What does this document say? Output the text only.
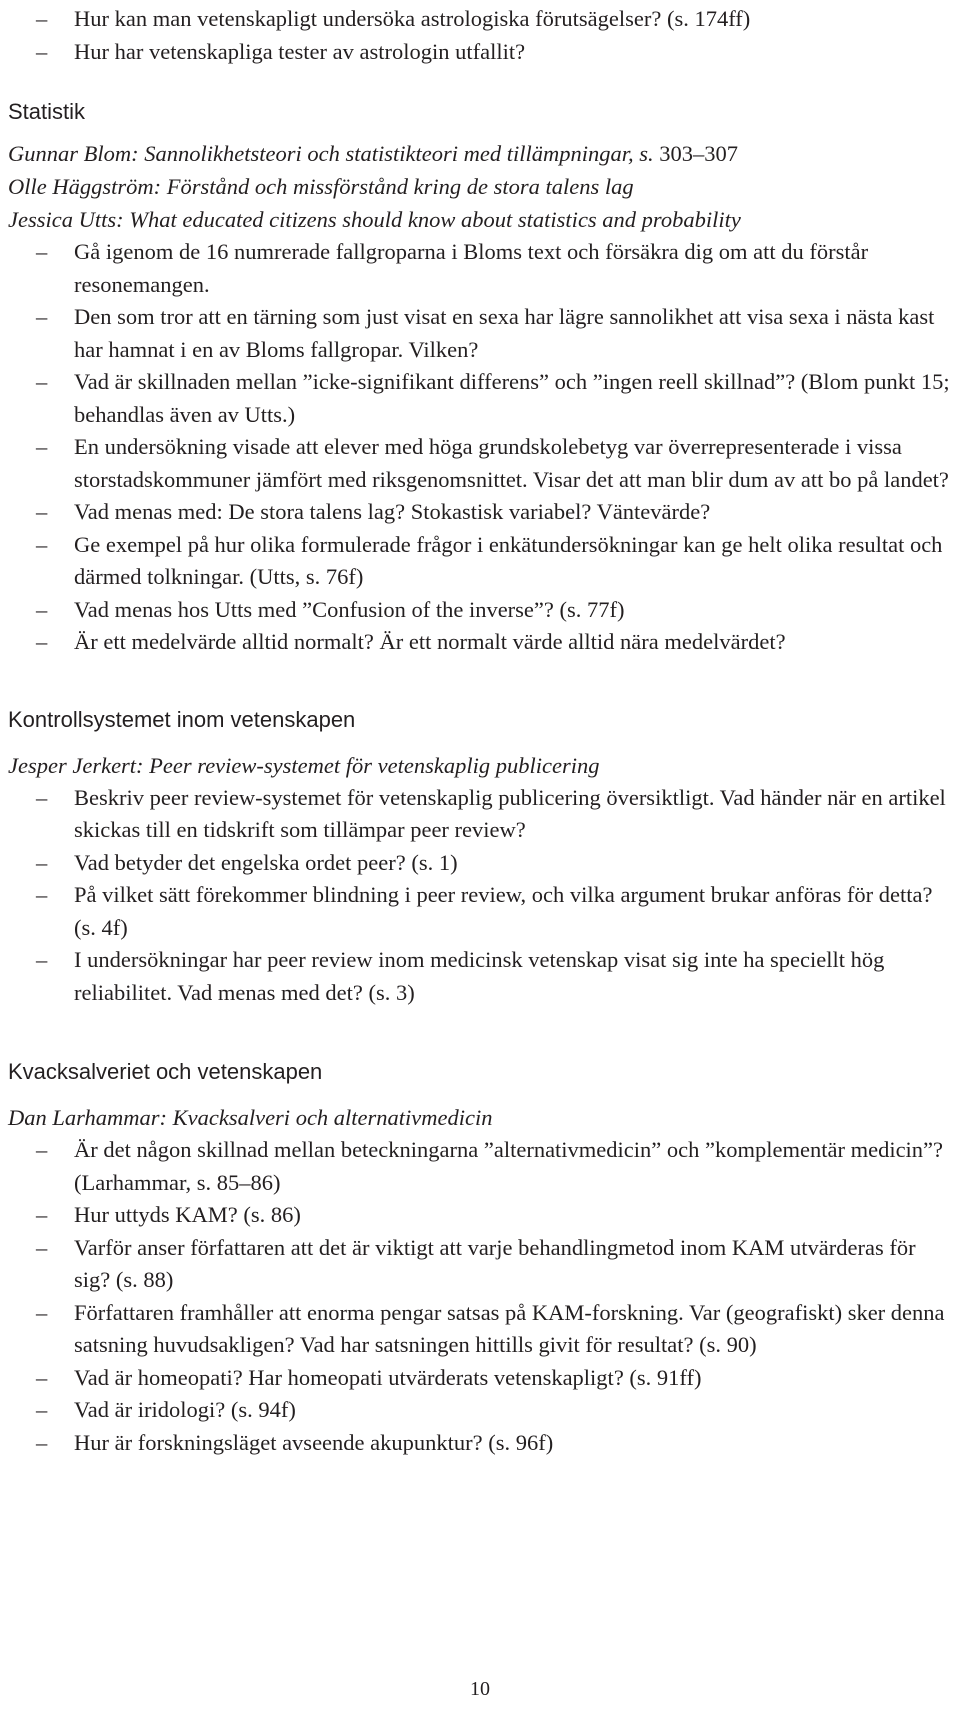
– Hur kan man vetenskapligt undersöka astrologiska förutsägelser? (s. 174ff)
– Hur har vetenskapliga tester av astrologin utfallit?
Statistik
Gunnar Blom: Sannolikhetsteori och statistikteori med tillämpningar, s. 303–307
Olle Häggström: Förstånd och missförstånd kring de stora talens lag
Jessica Utts: What educated citizens should know about statistics and probability
– Gå igenom de 16 numrerade fallgroparna i Bloms text och försäkra dig om att du förstår resonemangen.
– Den som tror att en tärning som just visat en sexa har lägre sannolikhet att visa sexa i nästa kast har hamnat i en av Bloms fallgropar. Vilken?
– Vad är skillnaden mellan ”icke-signifikant differens” och ”ingen reell skillnad”? (Blom punkt 15; behandlas även av Utts.)
– En undersökning visade att elever med höga grundskolebetyg var överrepresenterade i vissa storstadskommuner jämfört med riksgenomsnittet. Visar det att man blir dum av att bo på landet?
– Vad menas med: De stora talens lag? Stokastisk variabel? Väntevärde?
– Ge exempel på hur olika formulerade frågor i enkätundersökningar kan ge helt olika resultat och därmed tolkningar. (Utts, s. 76f)
– Vad menas hos Utts med ”Confusion of the inverse”? (s. 77f)
– Är ett medelvärde alltid normalt? Är ett normalt värde alltid nära medelvärdet?
Kontrollsystemet inom vetenskapen
Jesper Jerkert: Peer review-systemet för vetenskaplig publicering
– Beskriv peer review-systemet för vetenskaplig publicering översiktligt. Vad händer när en artikel skickas till en tidskrift som tillämpar peer review?
– Vad betyder det engelska ordet peer? (s. 1)
– På vilket sätt förekommer blindning i peer review, och vilka argument brukar anföras för detta? (s. 4f)
– I undersökningar har peer review inom medicinsk vetenskap visat sig inte ha speciellt hög reliabilitet. Vad menas med det? (s. 3)
Kvacksalveriet och vetenskapen
Dan Larhammar: Kvacksalveri och alternativmedicin
– Är det någon skillnad mellan beteckningarna ”alternativmedicin” och ”komplementär medicin”? (Larhammar, s. 85–86)
– Hur uttyds KAM? (s. 86)
– Varför anser författaren att det är viktigt att varje behandlingmetod inom KAM utvärderas för sig? (s. 88)
– Författaren framhåller att enorma pengar satsas på KAM-forskning. Var (geografiskt) sker denna satsning huvudsakligen? Vad har satsningen hittills givit för resultat? (s. 90)
– Vad är homeopati? Har homeopati utvärderats vetenskapligt? (s. 91ff)
– Vad är iridologi? (s. 94f)
– Hur är forskningsläget avseende akupunktur? (s. 96f)
10
